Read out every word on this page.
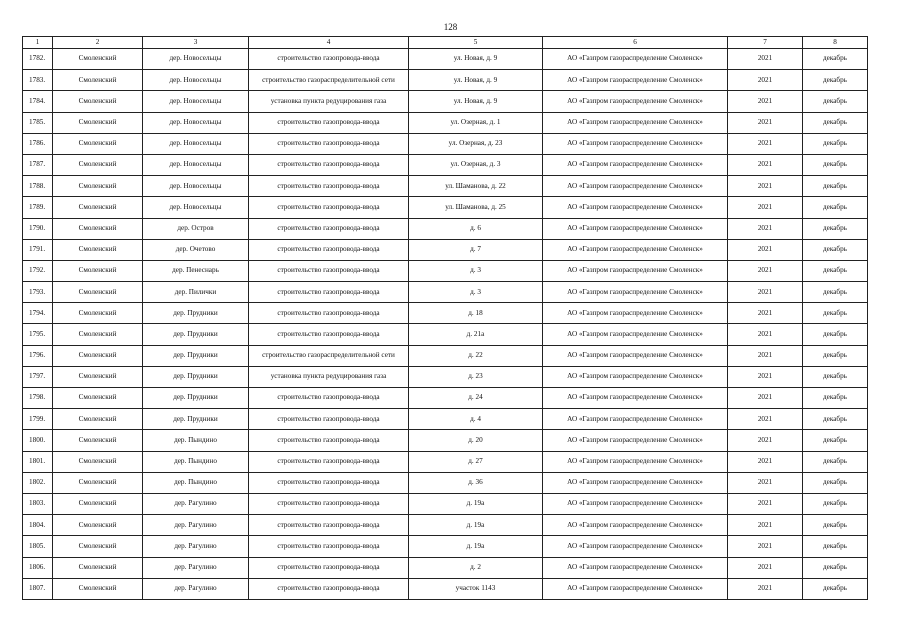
128
1	2	3	4	5	6	7	8
1782.	Смоленский	дер. Новосельцы	строительство газопровода-ввода	ул. Новая, д. 9	АО «Газпром газораспределение Смоленск»	2021	декабрь
1783.	Смоленский	дер. Новосельцы	строительство газораспределительной сети	ул. Новая, д. 9	АО «Газпром газораспределение Смоленск»	2021	декабрь
1784.	Смоленский	дер. Новосельцы	установка пункта редуцирования газа	ул. Новая, д. 9	АО «Газпром газораспределение Смоленск»	2021	декабрь
1785.	Смоленский	дер. Новосельцы	строительство газопровода-ввода	ул. Озерная, д. 1	АО «Газпром газораспределение Смоленск»	2021	декабрь
1786.	Смоленский	дер. Новосельцы	строительство газопровода-ввода	ул. Озерная, д. 23	АО «Газпром газораспределение Смоленск»	2021	декабрь
1787.	Смоленский	дер. Новосельцы	строительство газопровода-ввода	ул. Озерная, д. 3	АО «Газпром газораспределение Смоленск»	2021	декабрь
1788.	Смоленский	дер. Новосельцы	строительство газопровода-ввода	ул. Шаманова, д. 22	АО «Газпром газораспределение Смоленск»	2021	декабрь
1789.	Смоленский	дер. Новосельцы	строительство газопровода-ввода	ул. Шаманова, д. 25	АО «Газпром газораспределение Смоленск»	2021	декабрь
1790.	Смоленский	дер. Остров	строительство газопровода-ввода	д. 6	АО «Газпром газораспределение Смоленск»	2021	декабрь
1791.	Смоленский	дер. Очетово	строительство газопровода-ввода	д. 7	АО «Газпром газораспределение Смоленск»	2021	декабрь
1792.	Смоленский	дер. Пенеснарь	строительство газопровода-ввода	д. 3	АО «Газпром газораспределение Смоленск»	2021	декабрь
1793.	Смоленский	дер. Пилички	строительство газопровода-ввода	д. 3	АО «Газпром газораспределение Смоленск»	2021	декабрь
1794.	Смоленский	дер. Прудники	строительство газопровода-ввода	д. 18	АО «Газпром газораспределение Смоленск»	2021	декабрь
1795.	Смоленский	дер. Прудники	строительство газопровода-ввода	д. 21а	АО «Газпром газораспределение Смоленск»	2021	декабрь
1796.	Смоленский	дер. Прудники	строительство газораспределительной сети	д. 22	АО «Газпром газораспределение Смоленск»	2021	декабрь
1797.	Смоленский	дер. Прудники	установка пункта редуцирования газа	д. 23	АО «Газпром газораспределение Смоленск»	2021	декабрь
1798.	Смоленский	дер. Прудники	строительство газопровода-ввода	д. 24	АО «Газпром газораспределение Смоленск»	2021	декабрь
1799.	Смоленский	дер. Прудники	строительство газопровода-ввода	д. 4	АО «Газпром газораспределение Смоленск»	2021	декабрь
1800.	Смоленский	дер. Пындино	строительство газопровода-ввода	д. 20	АО «Газпром газораспределение Смоленск»	2021	декабрь
1801.	Смоленский	дер. Пындино	строительство газопровода-ввода	д. 27	АО «Газпром газораспределение Смоленск»	2021	декабрь
1802.	Смоленский	дер. Пындино	строительство газопровода-ввода	д. 36	АО «Газпром газораспределение Смоленск»	2021	декабрь
1803.	Смоленский	дер. Рагулино	строительство газопровода-ввода	д. 19а	АО «Газпром газораспределение Смоленск»	2021	декабрь
1804.	Смоленский	дер. Рагулино	строительство газопровода-ввода	д. 19а	АО «Газпром газораспределение Смоленск»	2021	декабрь
1805.	Смоленский	дер. Рагулино	строительство газопровода-ввода	д. 19а	АО «Газпром газораспределение Смоленск»	2021	декабрь
1806.	Смоленский	дер. Рагулино	строительство газопровода-ввода	д. 2	АО «Газпром газораспределение Смоленск»	2021	декабрь
1807.	Смоленский	дер. Рагулино	строительство газопровода-ввода	участок 1143	АО «Газпром газораспределение Смоленск»	2021	декабрь
